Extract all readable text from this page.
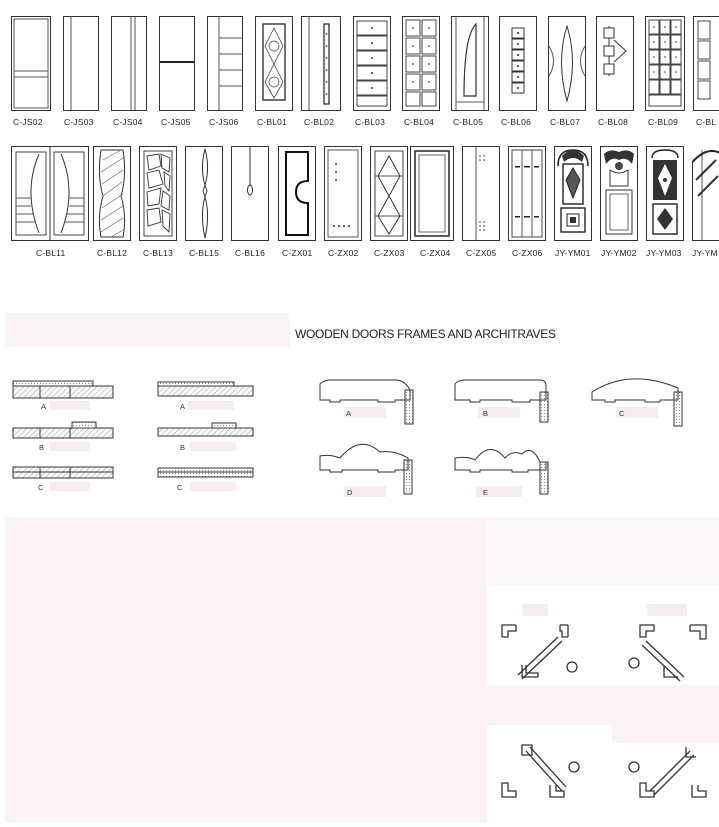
C-JS02	C-JS03 C-JS04 C-JS05 C-JS06 C-BL01 C-BL02 C-BL03 C-BL04 C-BL05 C-BL06 C-BL07 C-BL08 C-BL09 C-BL
C-BL11	C-BL12 C-BL13 C-BL15 C-BL16 C-ZX01 C-ZX02 C-ZX03 C-ZX04 C-ZX05 C-ZX06 JY-YM01 JY-YM02 JY-YM03 JY-YM
WOODEN DOORS FRAMES AND ARCHITRAVES
A
B
C
A
B
C
A	B	C
D	E
